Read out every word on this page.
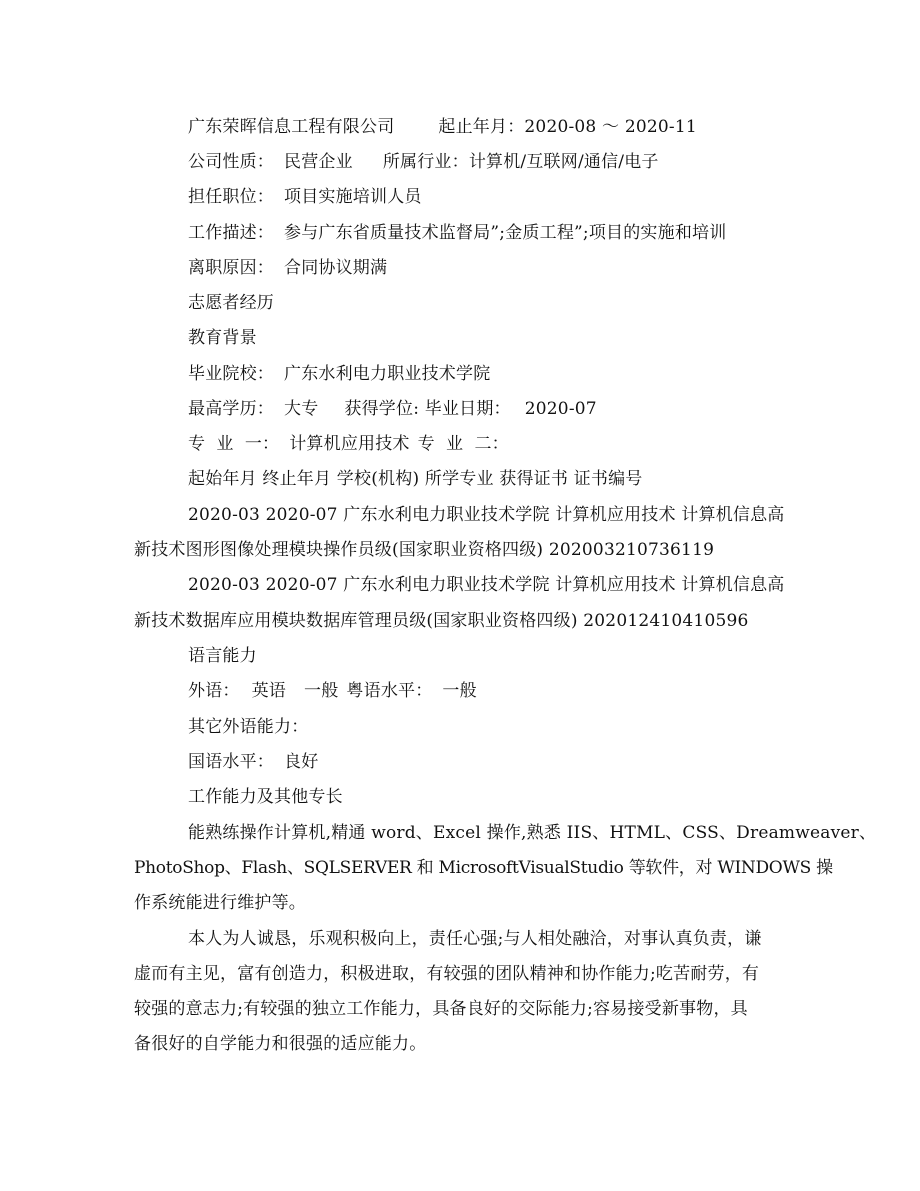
广东荣晖信息工程有限公司	起止年月：2020-08 ～ 2020-11
公司性质： 民营企业 所属行业：计算机/互联网/通信/电子
担任职位： 项目实施培训人员
工作描述： 参与广东省质量技术监督局”;金质工程”;项目的实施和培训
离职原因： 合同协议期满
志愿者经历
教育背景
毕业院校： 广东水利电力职业技术学院
最高学历： 大专 获得学位: 毕业日期： 2020-07
专  业  一： 计算机应用技术 专  业  二：
起始年月 终止年月 学校(机构) 所学专业 获得证书 证书编号
2020-03 2020-07 广东水利电力职业技术学院 计算机应用技术 计算机信息高
新技术图形图像处理模块操作员级(国家职业资格四级) 202003210736119
2020-03 2020-07 广东水利电力职业技术学院 计算机应用技术 计算机信息高
新技术数据库应用模块数据库管理员级(国家职业资格四级) 202012410410596
语言能力
外语： 英语 一般 粤语水平： 一般
其它外语能力：
国语水平： 良好
工作能力及其他专长
能熟练操作计算机,精通 word、Excel 操作,熟悉 IIS、HTML、CSS、Dreamweaver、
PhotoShop、Flash、SQLSERVER 和 MicrosoftVisualStudio 等软件，对 WINDOWS 操
作系统能进行维护等。
本人为人诚恳，乐观积极向上，责任心强;与人相处融洽，对事认真负责，谦
虚而有主见，富有创造力，积极进取，有较强的团队精神和协作能力;吃苦耐劳，有
较强的意志力;有较强的独立工作能力，具备良好的交际能力;容易接受新事物，具
备很好的自学能力和很强的适应能力。
